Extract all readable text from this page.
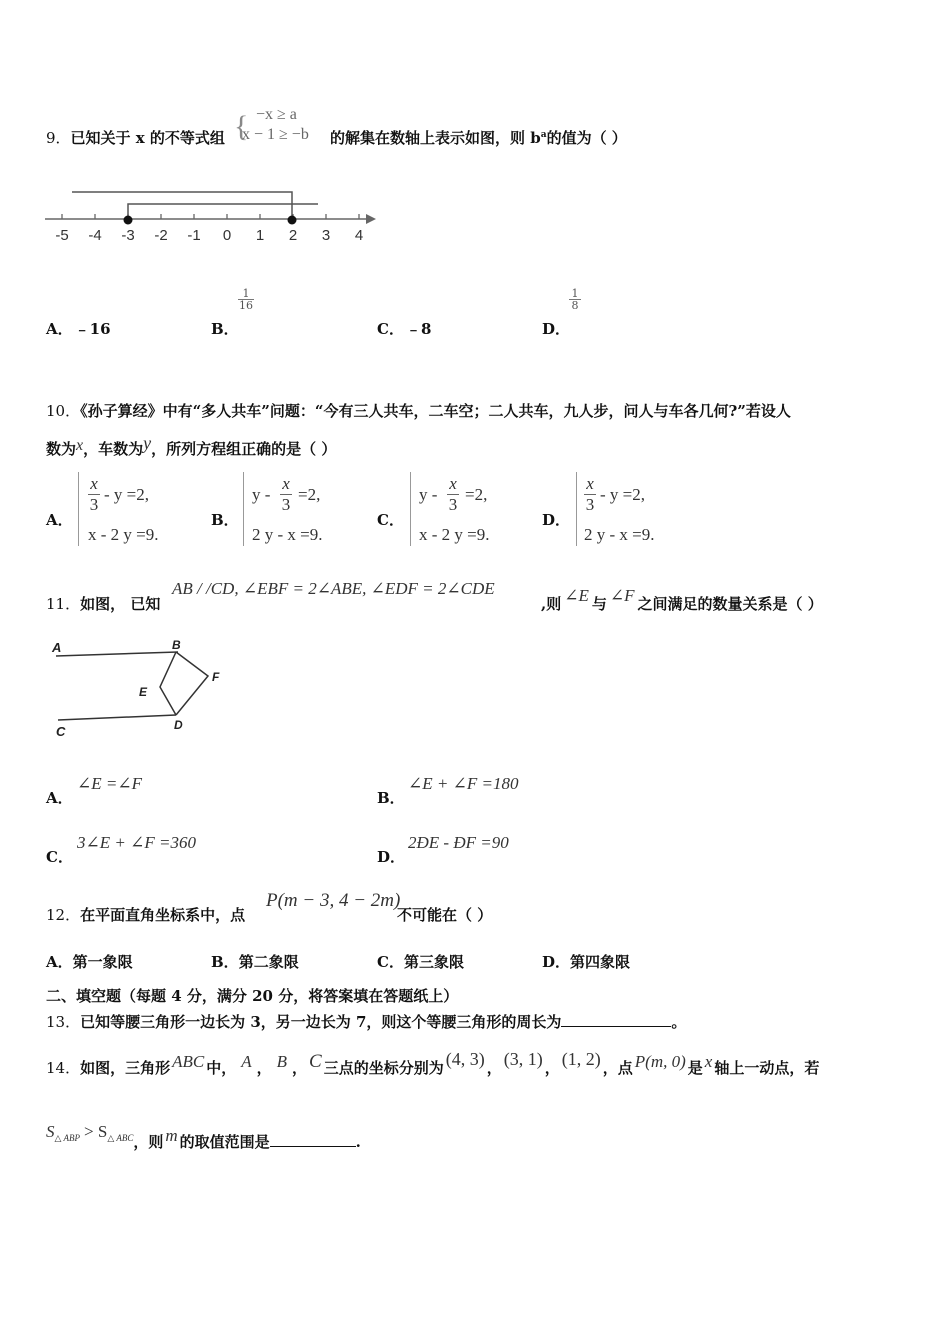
9．已知关于 x 的不等式组 { −x ≥ a
x − 1 ≥ −b 的解集在数轴上表示如图，则 $b^a$的值为（ ）
-5 -4 -3 -2 -1 0 1 2 3 4
A． ﹣16	B．
$\frac{1}{16}$
C． ﹣8	D．
$\frac{1}{8}$
10．《孙子算经》中有“多人共车”问题：“今有三人共车，二车空；二人共车，九人步，问人与车各几何?”若设人
数为x，车数为y，所列方程组正确的是（ ）
A．
$\frac{x}{3} - y =2$,
x - 2 y =9.
B．
$y - \frac{x}{3} =2$,
2 y - x =9.
C．
$y - \frac{x}{3} =2$,
x - 2 y =9.
D．
$\frac{x}{3} - y =2$,
2 y - x =9.
11．如图， 已知
AB / /CD, ∠EBF = 2∠ABE, ∠EDF = 2∠CDE
,则 ∠E 与 ∠F 之间满足的数量关系是（ ）
A	B
E
F
C	D
A．
∠E =∠F
B．
∠E + ∠F =180
C．
3∠E + ∠F =360
D．
2ÐE - ÐF =90
12．在平面直角坐标系中，点
P(m − 3, 4 − 2m)
不可能在（ ）
A．第一象限	B．第二象限	C．第三象限	D．第四象限
二、填空题（每题 4 分，满分 20 分，将答案填在答题纸上）
13．已知等腰三角形一边长为 3，另一边长为 7，则这个等腰三角形的周长为	。
14．如图，三角形 ABC 中， A ， B ， C 三点的坐标分别为 (4, 3) ， (3, 1) ， (1, 2) ，点 P(m, 0) 是 x 轴上一动点，若
$S_{\triangle ABP} > S_{\triangle ABC}$，则 m 的取值范围是	.
